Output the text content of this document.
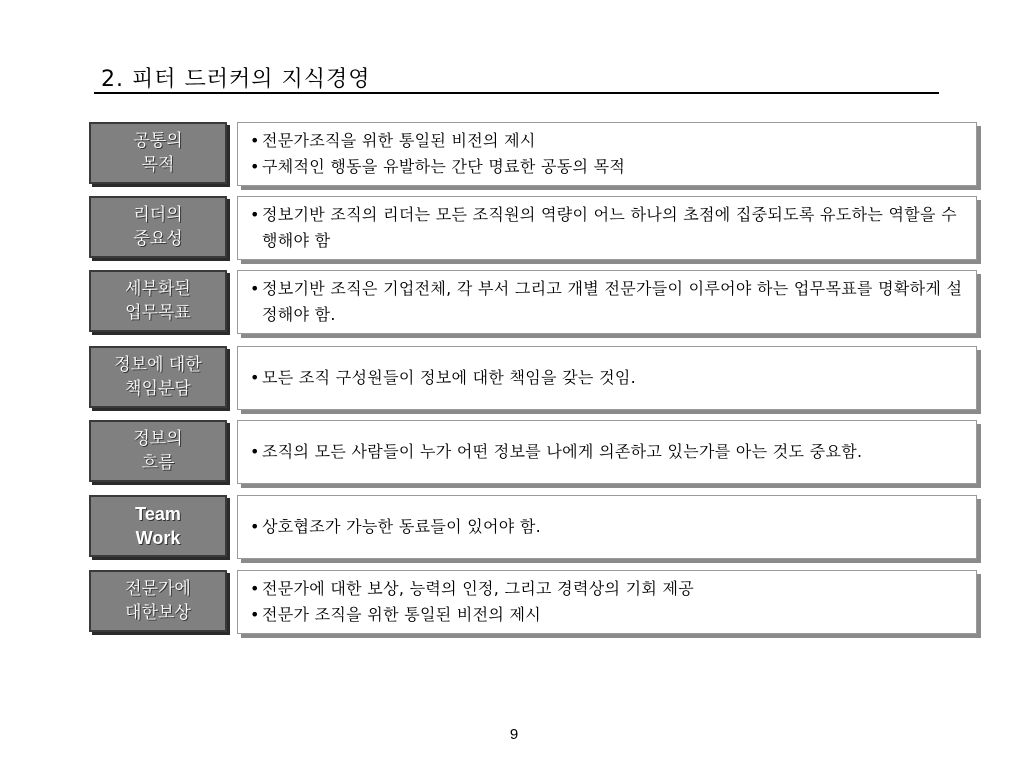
2. 피터 드러커의 지식경영
공통의
목적
• 전문가조직을 위한 통일된 비전의 제시
• 구체적인 행동을 유발하는 간단 명료한 공동의 목적
리더의
중요성
• 정보기반 조직의 리더는 모든 조직원의 역량이 어느 하나의 초점에 집중되도록 유도하는 역할을 수행해야 함
세부화된
업무목표
• 정보기반 조직은 기업전체, 각 부서 그리고 개별 전문가들이 이루어야 하는 업무목표를 명확하게 설정해야 함.
정보에 대한
책임분담
• 모든 조직 구성원들이 정보에 대한 책임을 갖는 것임.
정보의
흐름
• 조직의 모든 사람들이 누가 어떤 정보를 나에게 의존하고 있는가를 아는 것도 중요함.
Team
Work
• 상호협조가 가능한 동료들이 있어야 함.
전문가에
대한보상
• 전문가에 대한 보상, 능력의 인정, 그리고 경력상의 기회 제공
• 전문가 조직을 위한 통일된 비전의 제시
9
